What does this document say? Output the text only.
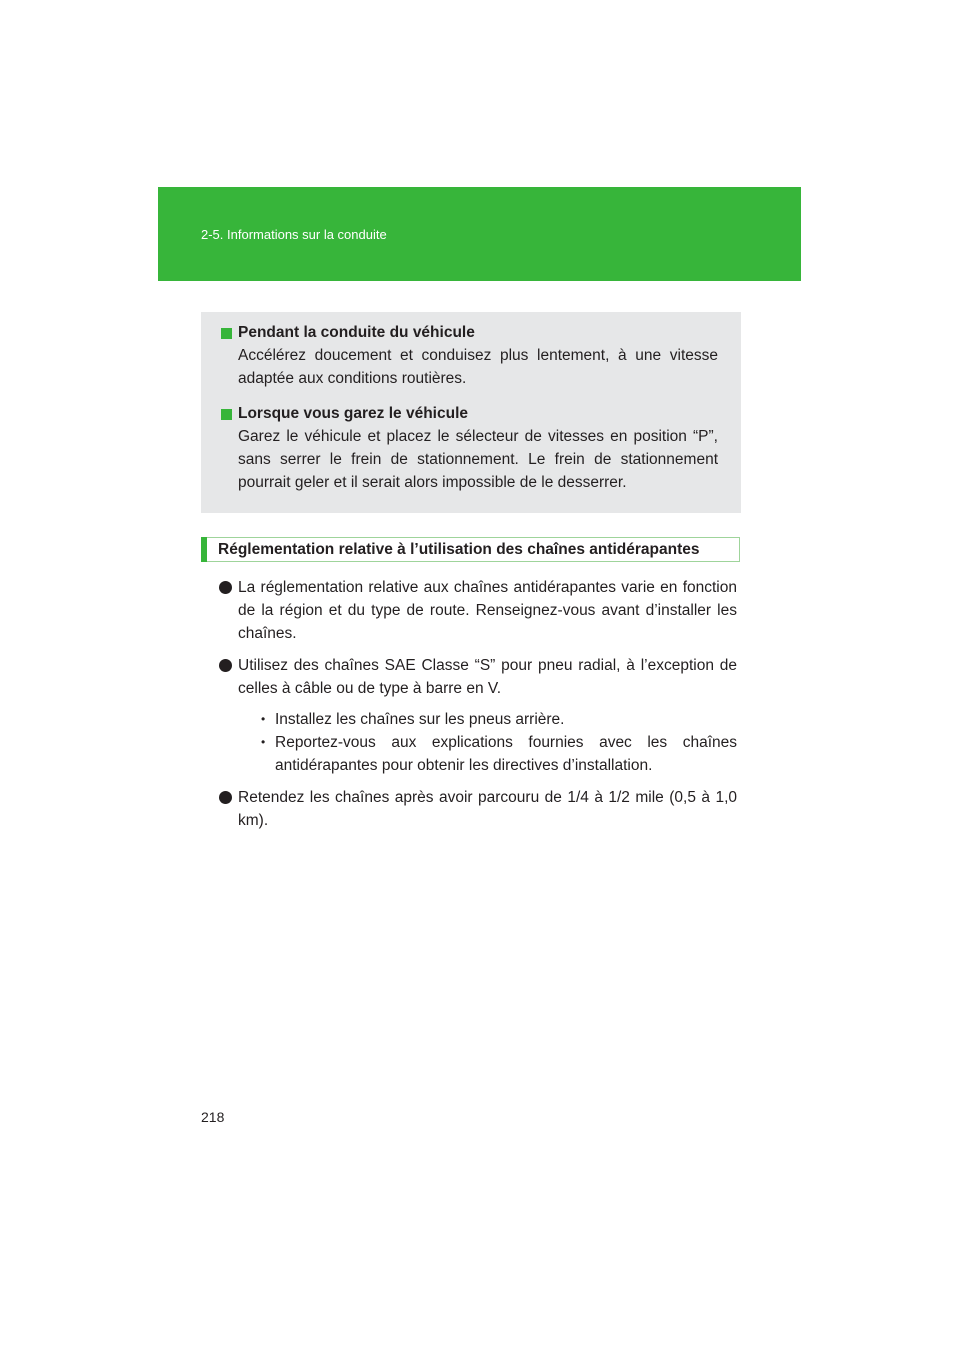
2-5. Informations sur la conduite
Pendant la conduite du véhicule
Accélérez doucement et conduisez plus lentement, à une vitesse adaptée aux conditions routières.
Lorsque vous garez le véhicule
Garez le véhicule et placez le sélecteur de vitesses en position “P”, sans serrer le frein de stationnement. Le frein de stationnement pourrait geler et il serait alors impossible de le desserrer.
Réglementation relative à l’utilisation des chaînes antidérapantes
La réglementation relative aux chaînes antidérapantes varie en fonction de la région et du type de route. Renseignez-vous avant d’installer les chaînes.
Utilisez des chaînes SAE Classe “S” pour pneu radial, à l’exception de celles à câble ou de type à barre en V.
• Installez les chaînes sur les pneus arrière.
• Reportez-vous aux explications fournies avec les chaînes antidérapantes pour obtenir les directives d’installation.
Retendez les chaînes après avoir parcouru de 1/4 à 1/2 mile (0,5 à 1,0 km).
218
